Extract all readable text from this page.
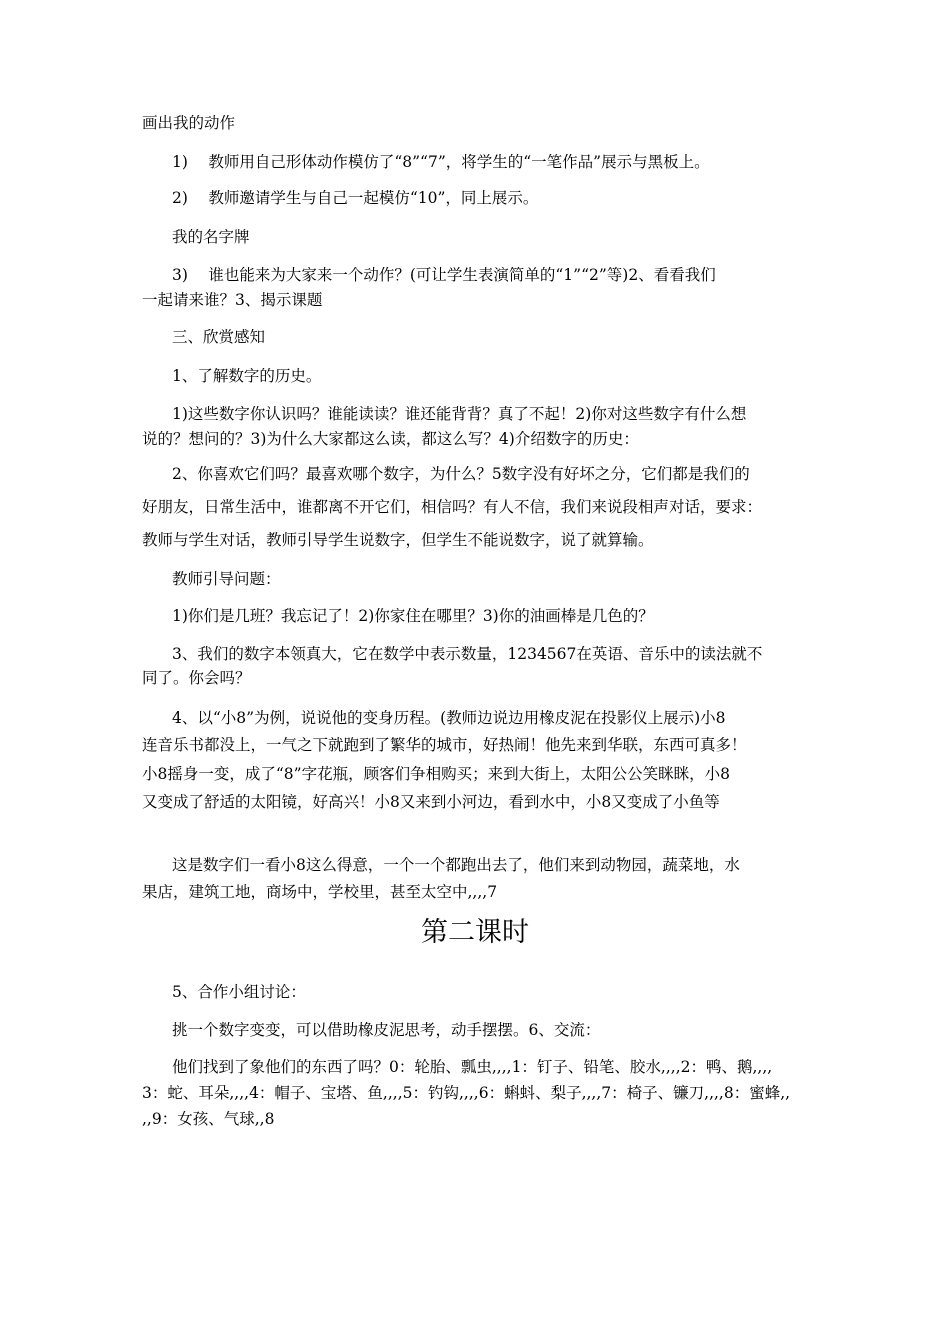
画出我的动作
1)　 教师用自己形体动作模仿了“8”“7”，将学生的“一笔作品”展示与黑板上。
2)　 教师邀请学生与自己一起模仿“10”，同上展示。
我的名字牌
3)　 谁也能来为大家来一个动作？(可让学生表演简单的“1”“2”等)2、看看我们
一起请来谁？3、揭示课题
三、欣赏感知
1、了解数字的历史。
1)这些数字你认识吗？谁能读读？谁还能背背？真了不起！2)你对这些数字有什么想
说的？想问的？3)为什么大家都这么读，都这么写？4)介绍数字的历史：
2、你喜欢它们吗？最喜欢哪个数字，为什么？5数字没有好坏之分，它们都是我们的
好朋友，日常生活中，谁都离不开它们，相信吗？有人不信，我们来说段相声对话，要求：
教师与学生对话，教师引导学生说数字，但学生不能说数字，说了就算输。
教师引导问题：
1)你们是几班？我忘记了！2)你家住在哪里？3)你的油画棒是几色的？
3、我们的数字本领真大，它在数学中表示数量，1234567在英语、音乐中的读法就不
同了。你会吗？
4、以“小8”为例，说说他的变身历程。(教师边说边用橡皮泥在投影仪上展示)小8
连音乐书都没上，一气之下就跑到了繁华的城市，好热闹！他先来到华联，东西可真多！
小8摇身一变，成了“8”字花瓶，顾客们争相购买；来到大街上，太阳公公笑眯眯，小8
又变成了舒适的太阳镜，好高兴！小8又来到小河边，看到水中，小8又变成了小鱼等
这是数字们一看小8这么得意，一个一个都跑出去了，他们来到动物园，蔬菜地，水
果店，建筑工地，商场中，学校里，甚至太空中,,,,7
第二课时
5、合作小组讨论：
挑一个数字变变，可以借助橡皮泥思考，动手摆摆。6、交流：
他们找到了象他们的东西了吗？0：轮胎、瓢虫,,,,1：钉子、铅笔、胶水,,,,2：鸭、鹅,,,,
3：蛇、耳朵,,,,4：帽子、宝塔、鱼,,,,5：钓钩,,,,6：蝌蚪、梨子,,,,7：椅子、镰刀,,,,8：蜜蜂,,
,,9：女孩、气球,,8
